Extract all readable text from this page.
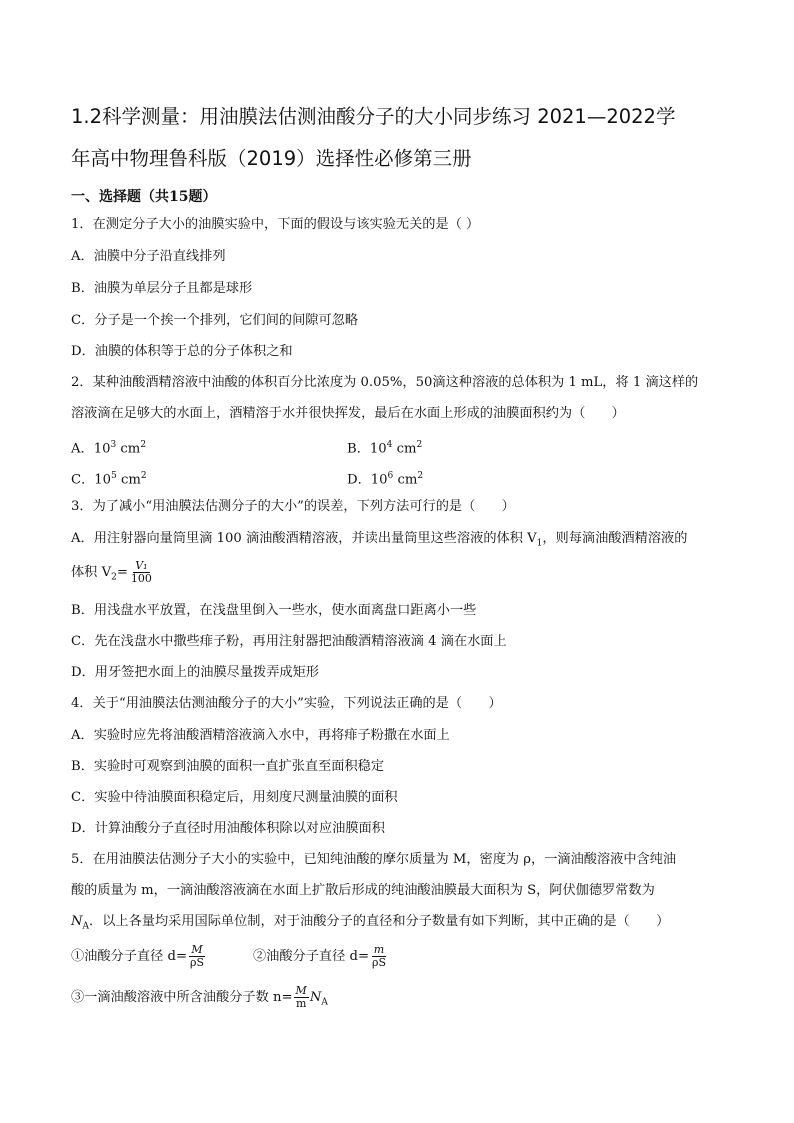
1.2科学测量：用油膜法估测油酸分子的大小同步练习 2021—2022学
年高中物理鲁科版（2019）选择性必修第三册
一、选择题（共15题）
1．在测定分子大小的油膜实验中，下面的假设与该实验无关的是（ ）
A．油膜中分子沿直线排列
B．油膜为单层分子且都是球形
C．分子是一个挨一个排列，它们间的间隙可忽略
D．油膜的体积等于总的分子体积之和
2．某种油酸酒精溶液中油酸的体积百分比浓度为 0.05%，50滴这种溶液的总体积为 1 mL，将 1 滴这样的
溶液滴在足够大的水面上，酒精溶于水并很快挥发，最后在水面上形成的油膜面积约为（　　）
A．$10^3$ $cm^2$	B．$10^4$ $cm^2$
C．$10^5$ $cm^2$	D．$10^6$ $cm^2$
3．为了减小“用油膜法估测分子的大小”的误差，下列方法可行的是（　　）
A．用注射器向量筒里滴 100 滴油酸酒精溶液，并读出量筒里这些溶液的体积 $V_1$，则每滴油酸酒精溶液的
体积 $V_2= \frac{\text{V₁}}{100}$
B．用浅盘水平放置，在浅盘里倒入一些水，使水面离盘口距离小一些
C．先在浅盘水中撒些痱子粉，再用注射器把油酸酒精溶液滴 4 滴在水面上
D．用牙签把水面上的油膜尽量拨弄成矩形
4．关于“用油膜法估测油酸分子的大小”实验，下列说法正确的是（　　）
A．实验时应先将油酸酒精溶液滴入水中，再将痱子粉撒在水面上
B．实验时可观察到油膜的面积一直扩张直至面积稳定
C．实验中待油膜面积稳定后，用刻度尺测量油膜的面积
D．计算油酸分子直径时用油酸体积除以对应油膜面积
5．在用油膜法估测分子大小的实验中，已知纯油酸的摩尔质量为 M，密度为 ρ，一滴油酸溶液中含纯油
酸的质量为 m，一滴油酸溶液滴在水面上扩散后形成的纯油酸油膜最大面积为 S，阿伏伽德罗常数为
$N_A$．以上各量均采用国际单位制，对于油酸分子的直径和分子数量有如下判断，其中正确的是（　　）
①油酸分子直径 $d= \frac{M}{\rho S}$	②油酸分子直径 $d= \frac{m}{\rho S}$
③一滴油酸溶液中所含油酸分子数 $n= \frac{M}{m} N_A$
